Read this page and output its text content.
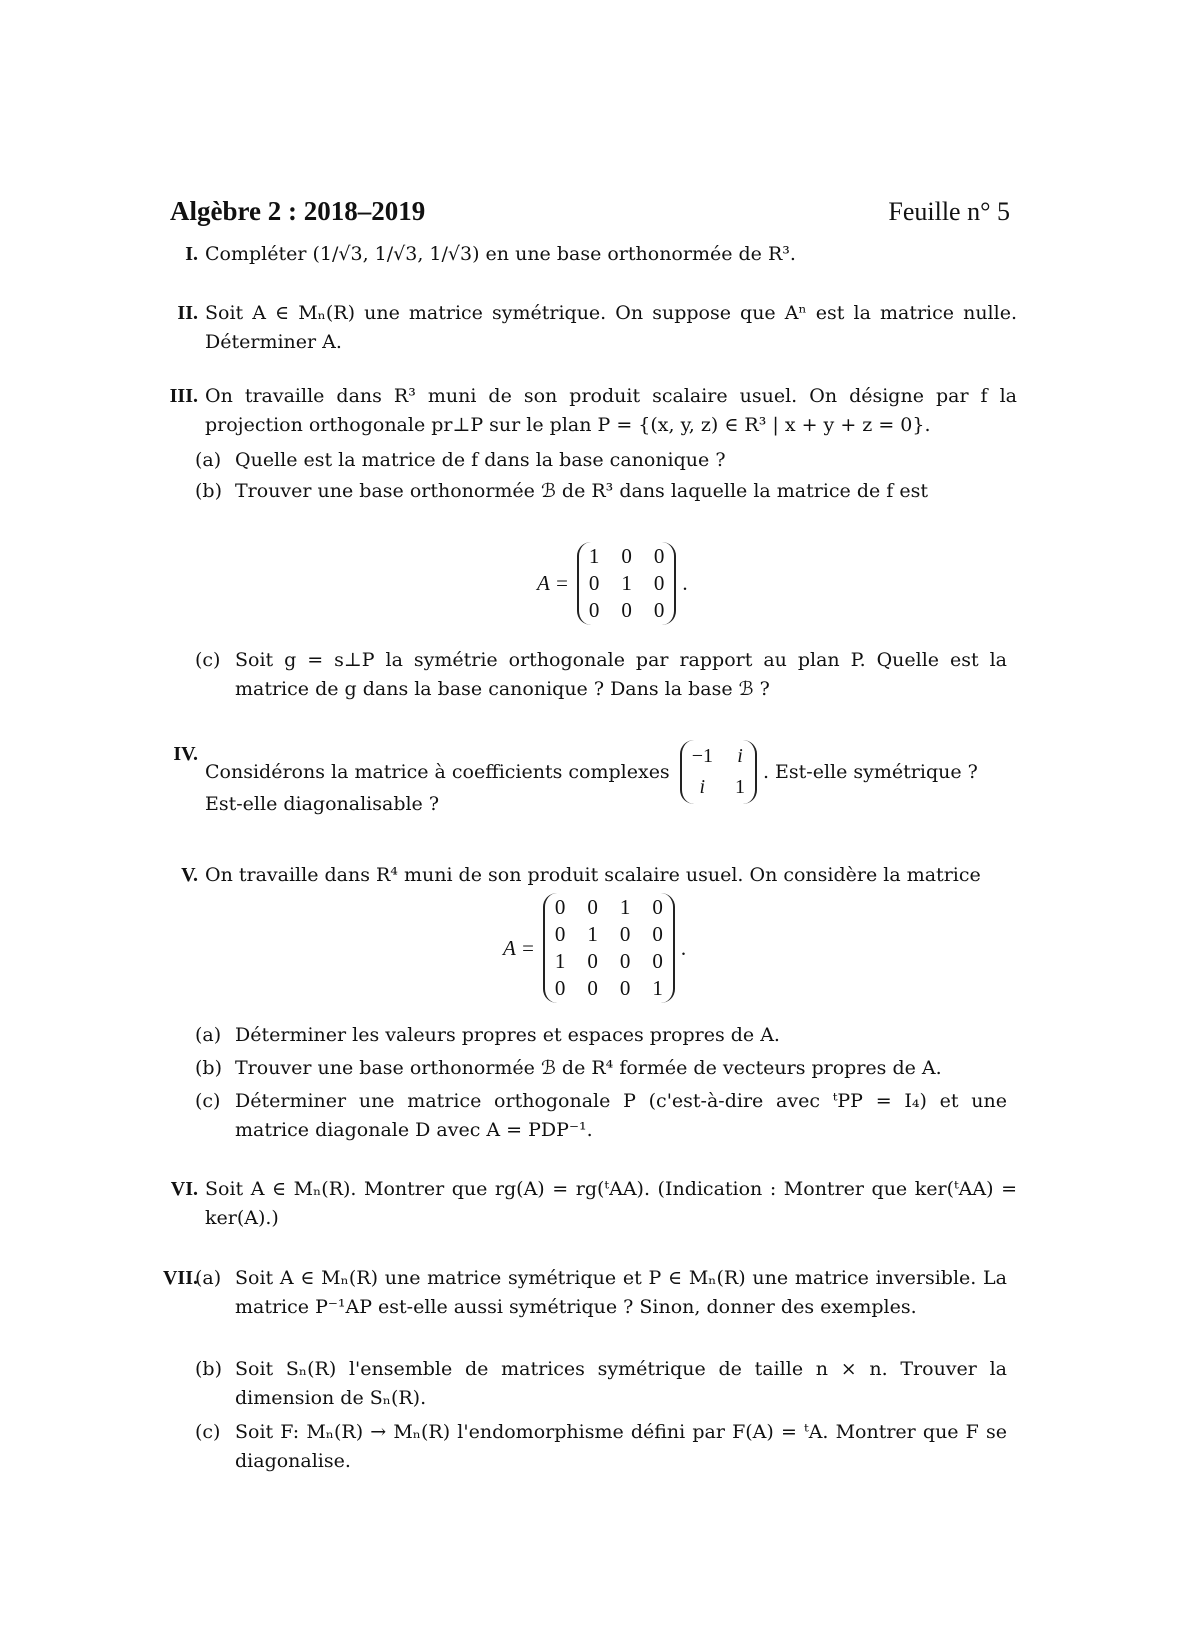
Algèbre 2 : 2018–2019	Feuille n° 5
I. Compléter (1/√3, 1/√3, 1/√3) en une base orthonormée de R³.
II. Soit A ∈ Mₙ(R) une matrice symétrique. On suppose que Aⁿ est la matrice nulle. Déterminer A.
III. On travaille dans R³ muni de son produit scalaire usuel. On désigne par f la projection orthogonale pr⊥P sur le plan P = {(x, y, z) ∈ R³ | x + y + z = 0}.
(a) Quelle est la matrice de f dans la base canonique ?
(b) Trouver une base orthonormée ℬ de R³ dans laquelle la matrice de f est
A =
1 0 0
0 1 0
0 0 0
.
(c) Soit g = s⊥P la symétrie orthogonale par rapport au plan P. Quelle est la matrice de g dans la base canonique ? Dans la base ℬ ?
IV.
Considérons la matrice à coefficients complexes
−1 i
i	1
. Est-elle symétrique ?
Est-elle diagonalisable ?
V. On travaille dans R⁴ muni de son produit scalaire usuel. On considère la matrice
A =
0 0 1 0
0 1 0 0
1 0 0 0
0 0 0 1
.
(a) Déterminer les valeurs propres et espaces propres de A.
(b) Trouver une base orthonormée ℬ de R⁴ formée de vecteurs propres de A.
(c) Déterminer une matrice orthogonale P (c'est-à-dire avec ᵗPP = I₄) et une matrice diagonale D avec A = PDP⁻¹.
VI. Soit A ∈ Mₙ(R). Montrer que rg(A) = rg(ᵗAA). (Indication : Montrer que ker(ᵗAA) = ker(A).)
VII.
(a) Soit A ∈ Mₙ(R) une matrice symétrique et P ∈ Mₙ(R) une matrice inversible. La matrice P⁻¹AP est-elle aussi symétrique ? Sinon, donner des exemples.
(b) Soit Sₙ(R) l'ensemble de matrices symétrique de taille n × n. Trouver la dimension de Sₙ(R).
(c) Soit F: Mₙ(R) → Mₙ(R) l'endomorphisme défini par F(A) = ᵗA. Montrer que F se diagonalise.
